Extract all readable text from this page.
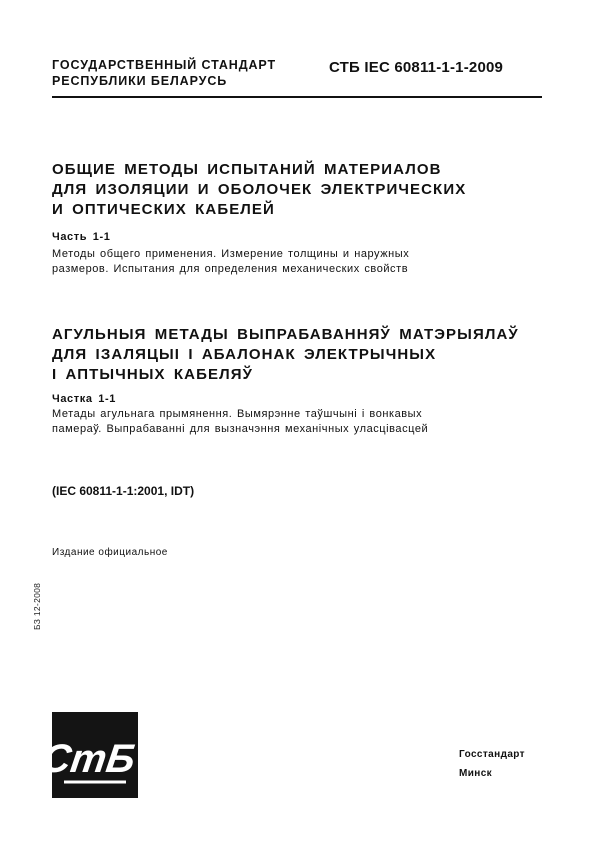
ГОСУДАРСТВЕННЫЙ СТАНДАРТ
РЕСПУБЛИКИ БЕЛАРУСЬ
СТБ IEC 60811-1-1-2009
ОБЩИЕ МЕТОДЫ ИСПЫТАНИЙ МАТЕРИАЛОВ
ДЛЯ ИЗОЛЯЦИИ И ОБОЛОЧЕК ЭЛЕКТРИЧЕСКИХ
И ОПТИЧЕСКИХ КАБЕЛЕЙ
Часть 1-1
Методы общего применения. Измерение толщины и наружных
размеров. Испытания для определения механических свойств
АГУЛЬНЫЯ МЕТАДЫ ВЫПРАБАВАННЯЎ МАТЭРЫЯЛАЎ
ДЛЯ ІЗАЛЯЦЫІ І АБАЛОНАК ЭЛЕКТРЫЧНЫХ
І АПТЫЧНЫХ КАБЕЛЯЎ
Частка 1-1
Метады агульнага прымянення. Вымярэнне таўшчыні і вонкавых
памераў. Выпрабаванні для вызначэння механічных уласцівасцей
(IEC 60811-1-1:2001, IDT)
Издание официальное
БЗ 12-2008
СтБ	Госстандарт
Минск
